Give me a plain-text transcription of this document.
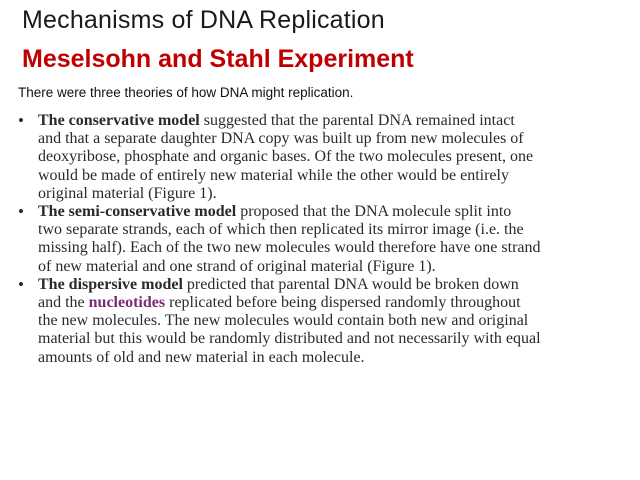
Mechanisms of DNA Replication
Meselsohn and Stahl Experiment
There were three theories of how DNA might replication.
• The conservative model suggested that the parental DNA remained intact
and that a separate daughter DNA copy was built up from new molecules of
deoxyribose, phosphate and organic bases. Of the two molecules present, one
would be made of entirely new material while the other would be entirely
original material (Figure 1).
• The semi-conservative model proposed that the DNA molecule split into
two separate strands, each of which then replicated its mirror image (i.e. the
missing half). Each of the two new molecules would therefore have one strand
of new material and one strand of original material (Figure 1).
• The dispersive model predicted that parental DNA would be broken down
and the nucleotides replicated before being dispersed randomly throughout
the new molecules. The new molecules would contain both new and original
material but this would be randomly distributed and not necessarily with equal
amounts of old and new material in each molecule.
